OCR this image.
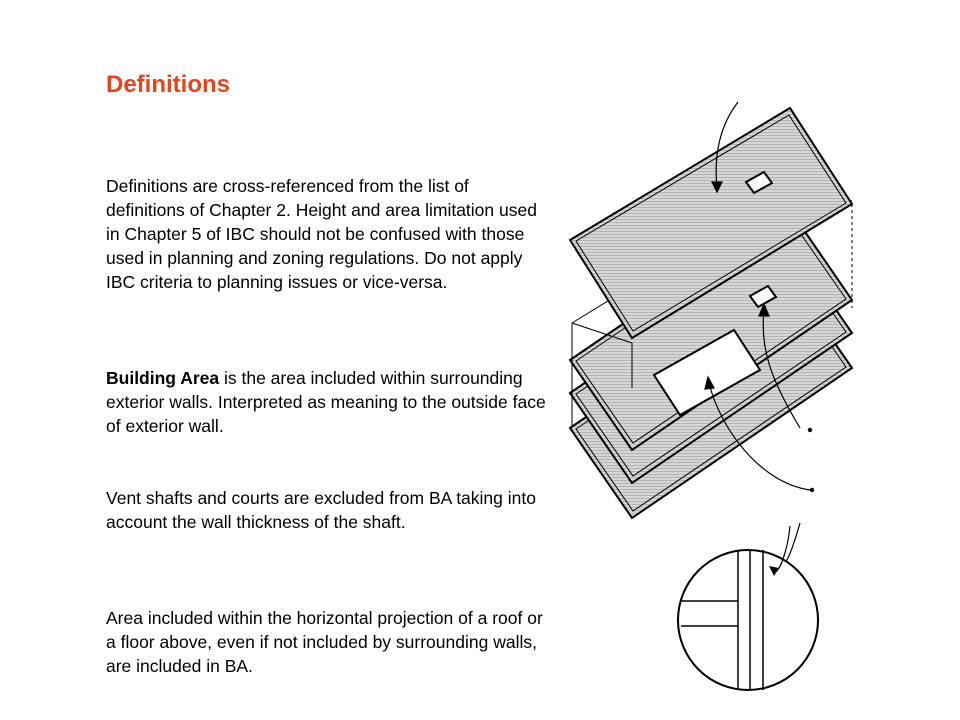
Definitions

Definitions are cross-referenced from the list of definitions of Chapter 2. Height and area limitation used in Chapter 5 of IBC should not be confused with those used in planning and zoning regulations. Do not apply IBC criteria to planning issues or vice-versa.

Building Area is the area included within surrounding exterior walls. Interpreted as meaning to the outside face of exterior wall.

Vent shafts and courts are excluded from BA taking into account the wall thickness of the shaft.

Area included within the horizontal projection of a roof or a floor above, even if not included by surrounding walls, are included in BA.
